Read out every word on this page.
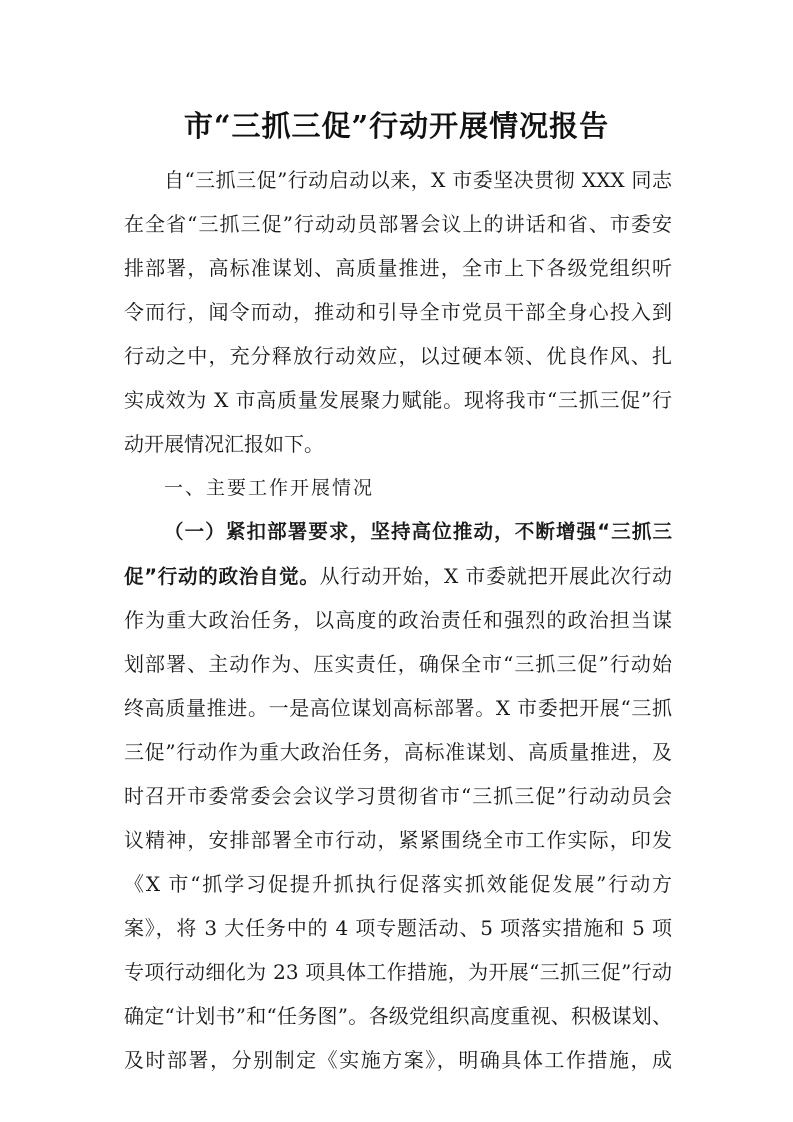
市“三抓三促”行动开展情况报告
自“三抓三促”行动启动以来，X 市委坚决贯彻 XXX 同志
在全省“三抓三促”行动动员部署会议上的讲话和省、市委安
排部署，高标准谋划、高质量推进，全市上下各级党组织听
令而行，闻令而动，推动和引导全市党员干部全身心投入到
行动之中，充分释放行动效应，以过硬本领、优良作风、扎
实成效为 X 市高质量发展聚力赋能。现将我市“三抓三促”行
动开展情况汇报如下。
一、主要工作开展情况
（一）紧扣部署要求，坚持高位推动，不断增强“三抓三
促”行动的政治自觉。从行动开始，X 市委就把开展此次行动
作为重大政治任务，以高度的政治责任和强烈的政治担当谋
划部署、主动作为、压实责任，确保全市“三抓三促”行动始
终高质量推进。一是高位谋划高标部署。X 市委把开展“三抓
三促”行动作为重大政治任务，高标准谋划、高质量推进，及
时召开市委常委会会议学习贯彻省市“三抓三促”行动动员会
议精神，安排部署全市行动，紧紧围绕全市工作实际，印发
《X 市“抓学习促提升抓执行促落实抓效能促发展”行动方
案》，将 3 大任务中的 4 项专题活动、5 项落实措施和 5 项
专项行动细化为 23 项具体工作措施，为开展“三抓三促”行动
确定“计划书”和“任务图”。各级党组织高度重视、积极谋划、
及时部署，分别制定《实施方案》，明确具体工作措施，成
